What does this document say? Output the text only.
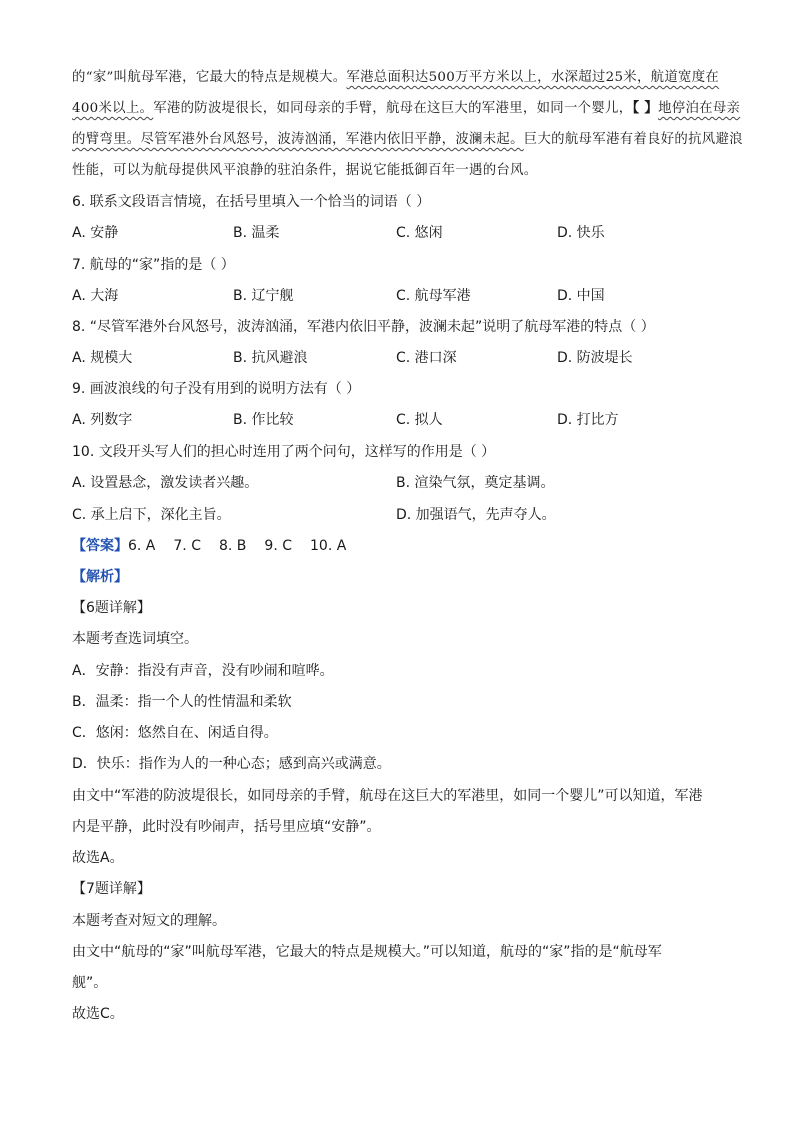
的“家”叫航母军港，它最大的特点是规模大。军港总面积达500万平方米以上，水深超过25米，航道宽度在400米以上。军港的防波堤很长，如同母亲的手臂，航母在这巨大的军港里，如同一个婴儿，【 】地停泊在母亲的臂弯里。尽管军港外台风怒号，波涛汹涌，军港内依旧平静，波澜未起。巨大的航母军港有着良好的抗风避浪性能，可以为航母提供风平浪静的驻泊条件，据说它能抵御百年一遇的台风。
6. 联系文段语言情境，在括号里填入一个恰当的词语（ ）
A. 安静	B. 温柔	C. 悠闲	D. 快乐
7. 航母的“家”指的是（ ）
A. 大海	B. 辽宁舰	C. 航母军港	D. 中国
8. “尽管军港外台风怒号，波涛汹涌，军港内依旧平静，波澜未起”说明了航母军港的特点（ ）
A. 规模大	B. 抗风避浪	C. 港口深	D. 防波堤长
9. 画波浪线的句子没有用到的说明方法有（ ）
A. 列数字	B. 作比较	C. 拟人	D. 打比方
10. 文段开头写人们的担心时连用了两个问句，这样写的作用是（ ）
A. 设置悬念，激发读者兴趣。	B. 渲染气氛，奠定基调。
C. 承上启下，深化主旨。	D. 加强语气，先声夺人。
【答案】6. A 7. C 8. B 9. C 10. A
【解析】
【6题详解】
本题考查选词填空。
A．安静：指没有声音，没有吵闹和喧哗。
B．温柔：指一个人的性情温和柔软
C．悠闲：悠然自在、闲适自得。
D．快乐：指作为人的一种心态；感到高兴或满意。
由文中“军港的防波堤很长，如同母亲的手臂，航母在这巨大的军港里，如同一个婴儿”可以知道，军港
内是平静，此时没有吵闹声，括号里应填“安静”。
故选A。
【7题详解】
本题考查对短文的理解。
由文中“航母的“家”叫航母军港，它最大的特点是规模大。”可以知道，航母的“家”指的是“航母军
舰”。
故选C。
